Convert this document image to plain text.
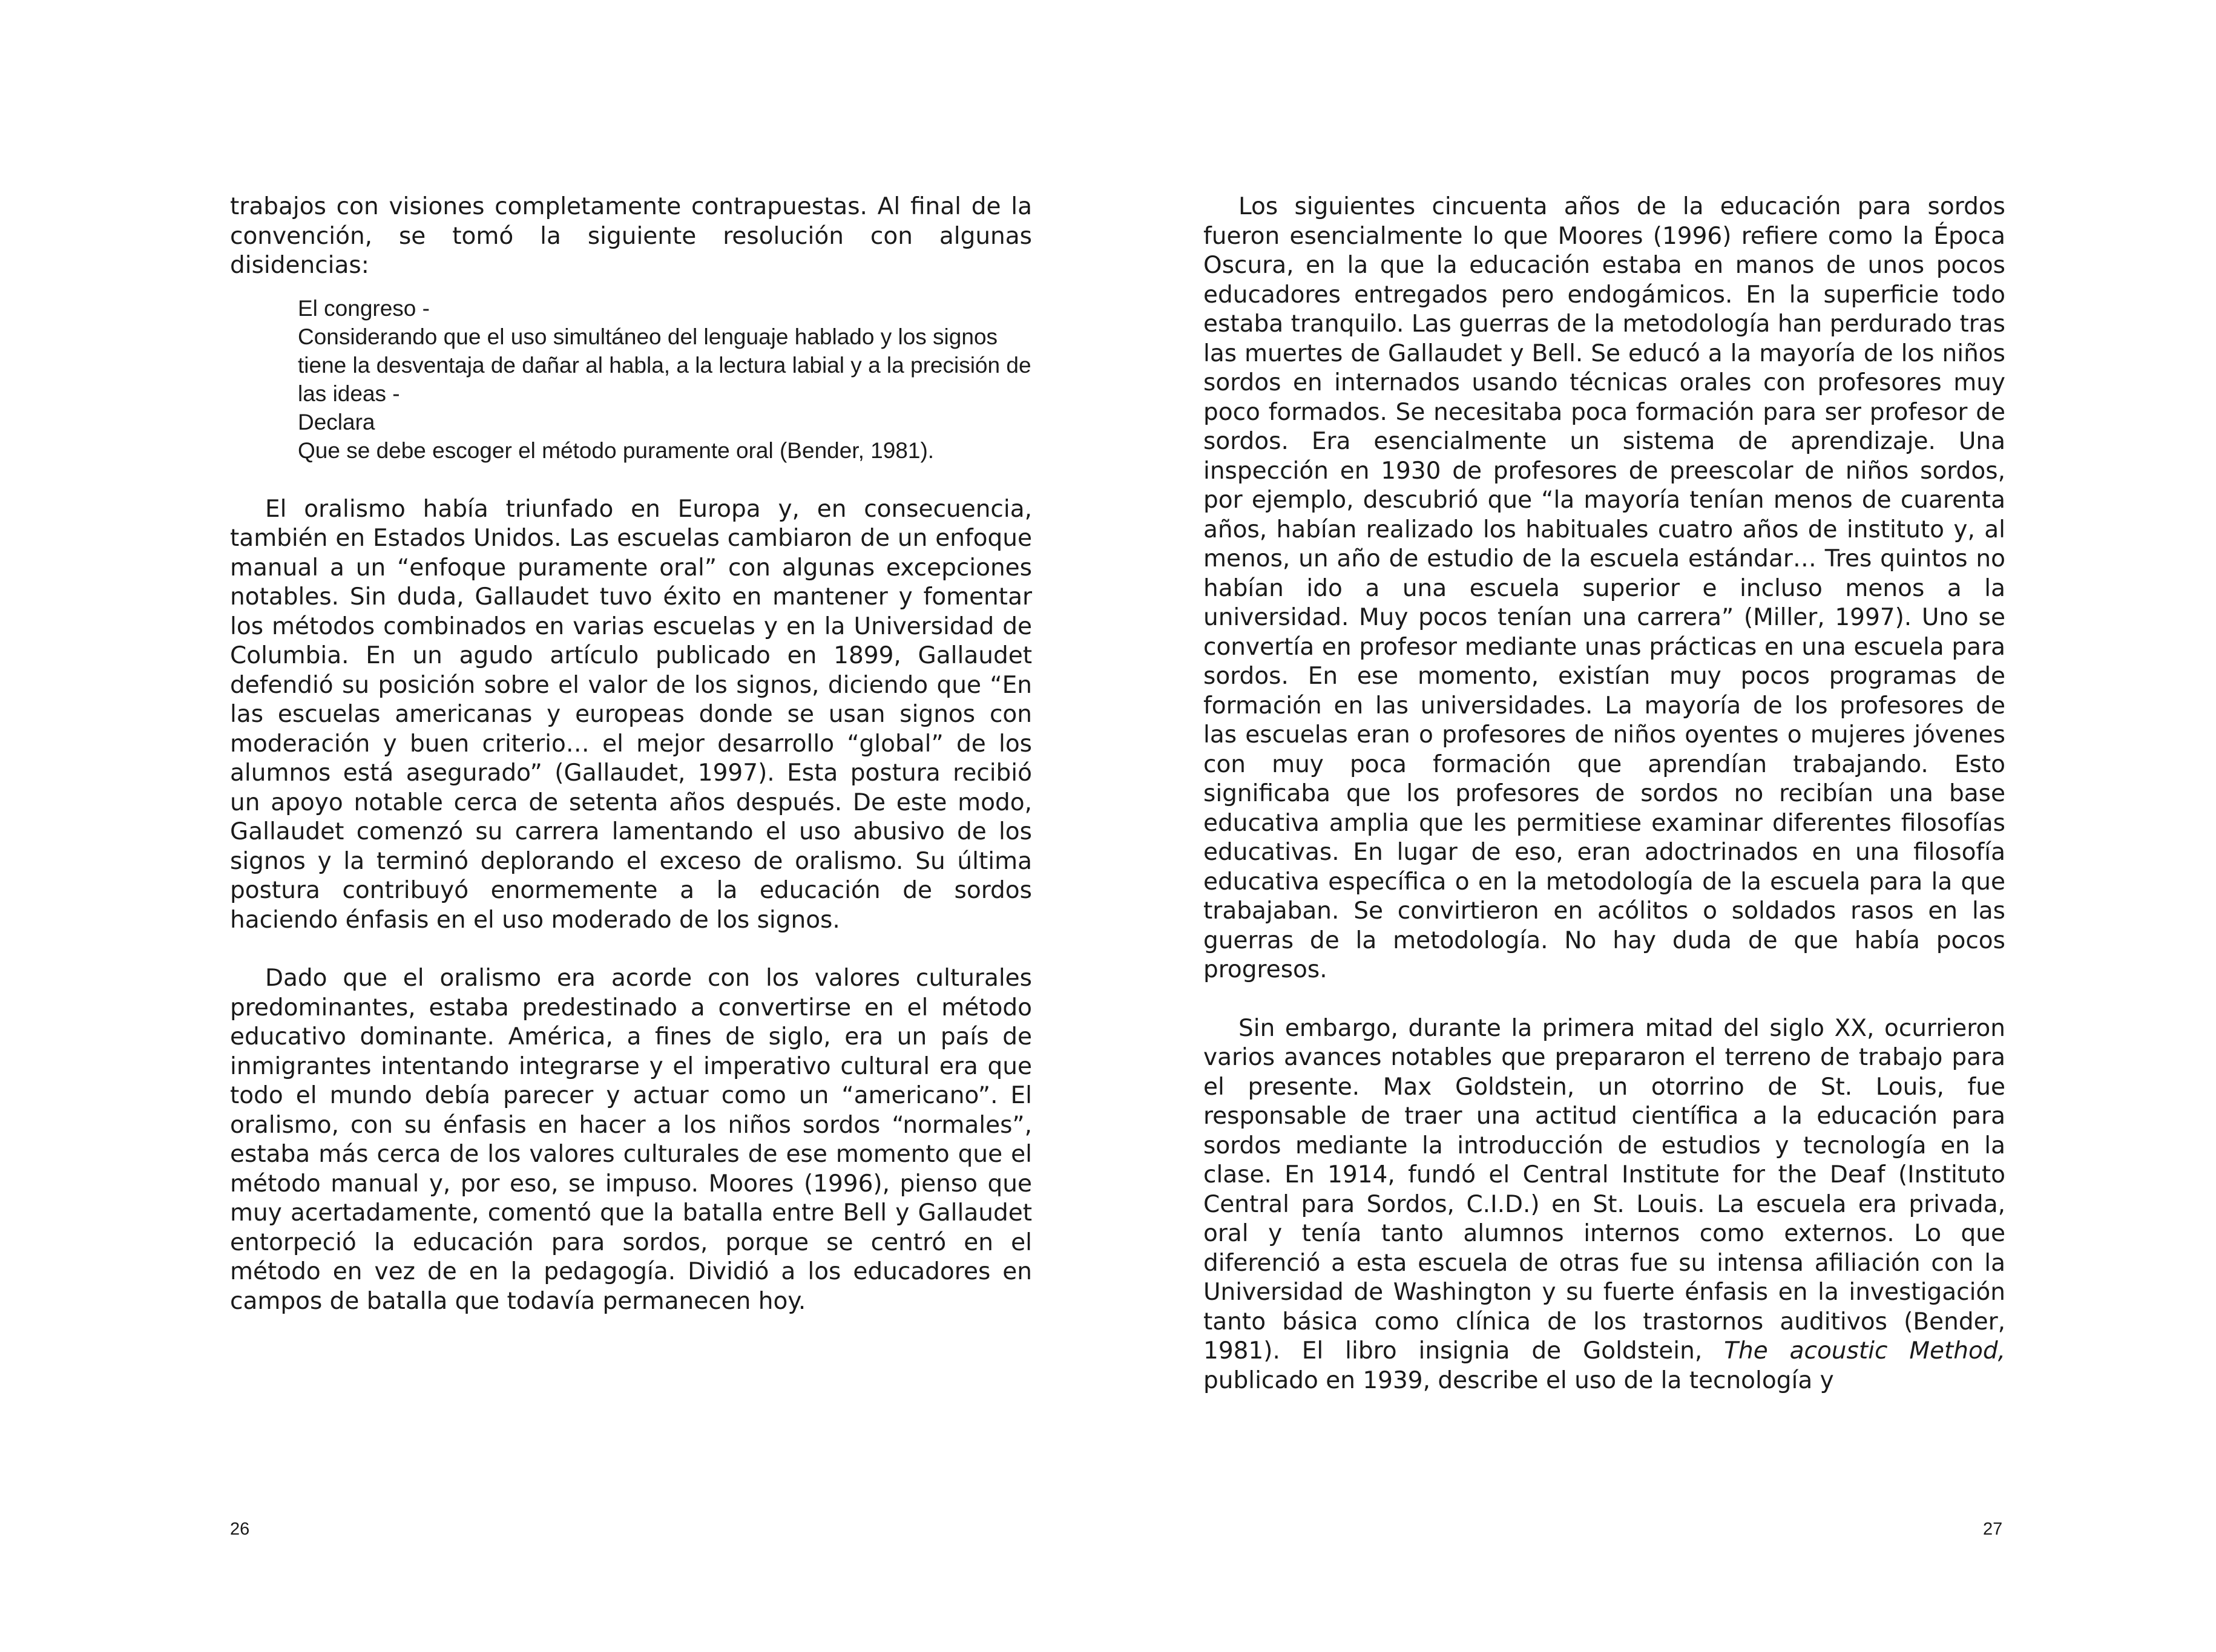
trabajos con visiones completamente contrapuestas. Al final de la convención, se tomó la siguiente resolución con algunas disidencias:

El congreso -
Considerando que el uso simultáneo del lenguaje hablado y los signos tiene la desventaja de dañar al habla, a la lectura labial y a la precisión de las ideas -
Declara
Que se debe escoger el método puramente oral (Bender, 1981).

El oralismo había triunfado en Europa y, en consecuencia, también en Estados Unidos. Las escuelas cambiaron de un enfoque manual a un “enfoque puramente oral” con algunas excepciones notables. Sin duda, Gallaudet tuvo éxito en mantener y fomentar los métodos combinados en varias escuelas y en la Universidad de Columbia. En un agudo artículo publicado en 1899, Gallaudet defendió su posición sobre el valor de los signos, diciendo que “En las escuelas americanas y europeas donde se usan signos con moderación y buen criterio… el mejor desarrollo “global” de los alumnos está asegurado” (Gallaudet, 1997). Esta postura recibió un apoyo notable cerca de setenta años después. De este modo, Gallaudet comenzó su carrera lamentando el uso abusivo de los signos y la terminó deplorando el exceso de oralismo. Su última postura contribuyó enormemente a la educación de sordos haciendo énfasis en el uso moderado de los signos.

Dado que el oralismo era acorde con los valores culturales predominantes, estaba predestinado a convertirse en el método educativo dominante. América, a fines de siglo, era un país de inmigrantes intentando integrarse y el imperativo cultural era que todo el mundo debía parecer y actuar como un “americano”. El oralismo, con su énfasis en hacer a los niños sordos “normales”, estaba más cerca de los valores culturales de ese momento que el método manual y, por eso, se impuso. Moores (1996), pienso que muy acertadamente, comentó que la batalla entre Bell y Gallaudet entorpeció la educación para sordos, porque se centró en el método en vez de en la pedagogía. Dividió a los educadores en campos de batalla que todavía permanecen hoy.

26

Los siguientes cincuenta años de la educación para sordos fueron esencialmente lo que Moores (1996) refiere como la Época Oscura, en la que la educación estaba en manos de unos pocos educadores entregados pero endogámicos. En la superficie todo estaba tranquilo. Las guerras de la metodología han perdurado tras las muertes de Gallaudet y Bell. Se educó a la mayoría de los niños sordos en internados usando técnicas orales con profesores muy poco formados. Se necesitaba poca formación para ser profesor de sordos. Era esencialmente un sistema de aprendizaje. Una inspección en 1930 de profesores de preescolar de niños sordos, por ejemplo, descubrió que “la mayoría tenían menos de cuarenta años, habían realizado los habituales cuatro años de instituto y, al menos, un año de estudio de la escuela estándar… Tres quintos no habían ido a una escuela superior e incluso menos a la universidad. Muy pocos tenían una carrera” (Miller, 1997). Uno se convertía en profesor mediante unas prácticas en una escuela para sordos. En ese momento, existían muy pocos programas de formación en las universidades. La mayoría de los profesores de las escuelas eran o profesores de niños oyentes o mujeres jóvenes con muy poca formación que aprendían trabajando. Esto significaba que los profesores de sordos no recibían una base educativa amplia que les permitiese examinar diferentes filosofías educativas. En lugar de eso, eran adoctrinados en una filosofía educativa específica o en la metodología de la escuela para la que trabajaban. Se convirtieron en acólitos o soldados rasos en las guerras de la metodología. No hay duda de que había pocos progresos.

Sin embargo, durante la primera mitad del siglo XX, ocurrieron varios avances notables que prepararon el terreno de trabajo para el presente. Max Goldstein, un otorrino de St. Louis, fue responsable de traer una actitud científica a la educación para sordos mediante la introducción de estudios y tecnología en la clase. En 1914, fundó el Central Institute for the Deaf (Instituto Central para Sordos, C.I.D.) en St. Louis. La escuela era privada, oral y tenía tanto alumnos internos como externos. Lo que diferenció a esta escuela de otras fue su intensa afiliación con la Universidad de Washington y su fuerte énfasis en la investigación tanto básica como clínica de los trastornos auditivos (Bender, 1981). El libro insignia de Goldstein, The acoustic Method, publicado en 1939, describe el uso de la tecnología y

27
